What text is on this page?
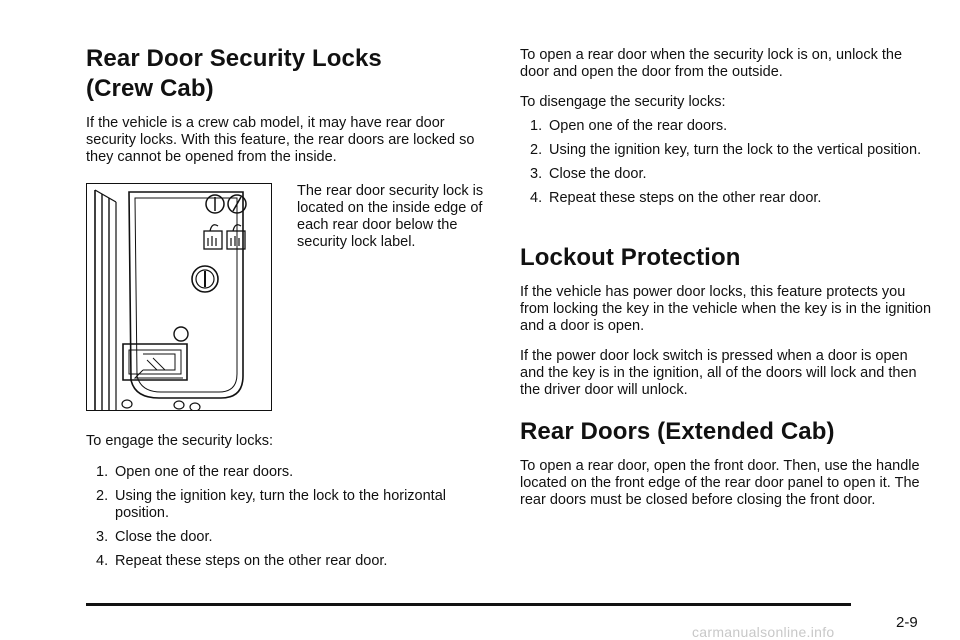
Rear Door Security Locks
(Crew Cab)

If the vehicle is a crew cab model, it may have rear door security locks. With this feature, the rear doors are locked so they cannot be opened from the inside.

The rear door security lock is located on the inside edge of each rear door below the security lock label.

To engage the security locks:

1. Open one of the rear doors.
2. Using the ignition key, turn the lock to the horizontal position.
3. Close the door.
4. Repeat these steps on the other rear door.

To open a rear door when the security lock is on, unlock the door and open the door from the outside.

To disengage the security locks:

1. Open one of the rear doors.
2. Using the ignition key, turn the lock to the vertical position.
3. Close the door.
4. Repeat these steps on the other rear door.
Lockout Protection

If the vehicle has power door locks, this feature protects you from locking the key in the vehicle when the key is in the ignition and a door is open.

If the power door lock switch is pressed when a door is open and the key is in the ignition, all of the doors will lock and then the driver door will unlock.

Rear Doors (Extended Cab)

To open a rear door, open the front door. Then, use the handle located on the front edge of the rear door panel to open it. The rear doors must be closed before closing the front door.

2-9
carmanualsonline.info
